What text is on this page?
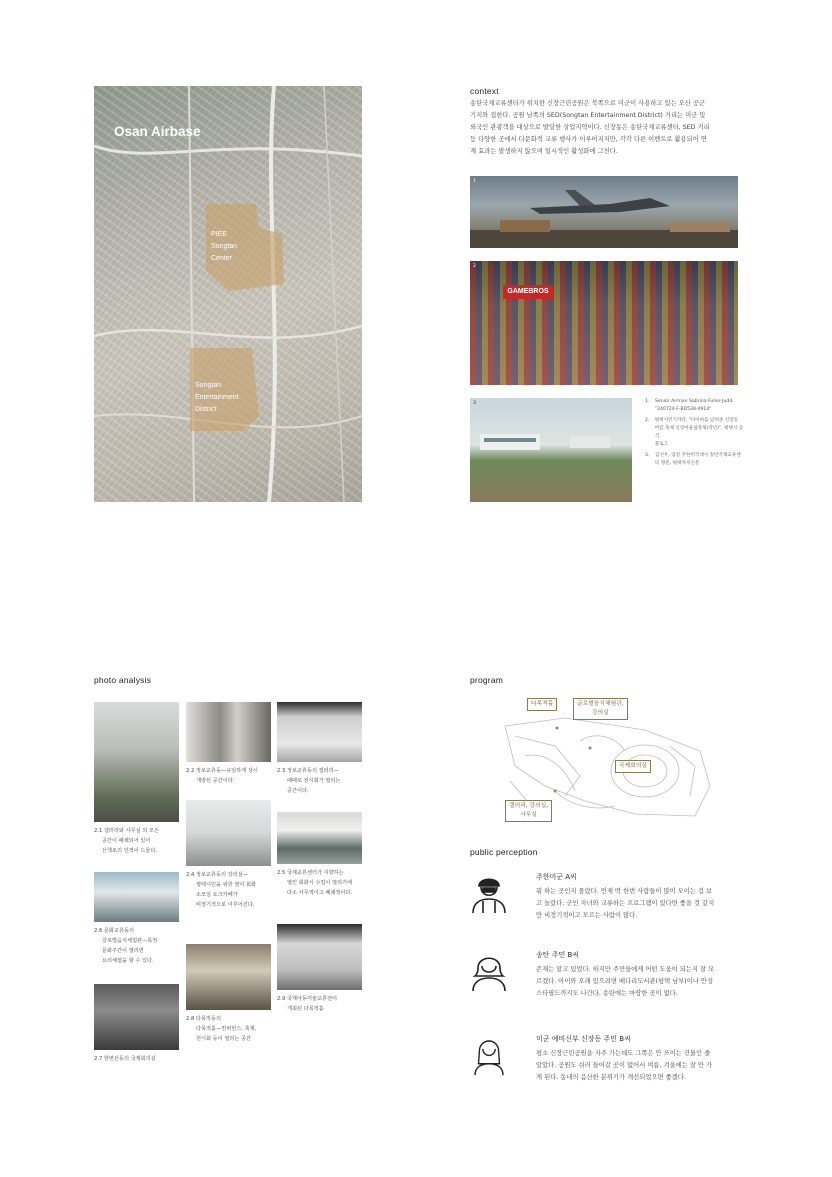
Osan Airbase
PIEE
Songtan
Center
Songtan
Entertainment
District
context
송탄국제교류센터가 위치한 신장근린공원은 북쪽으로 미군이 사용하고 있는 오산 공군
기지와 접한다. 공원 남쪽의 SED(Songtan Entertainment District) 거리는 미군 및
외국인 관광객을 대상으로 발달한 상업지역이다. 신장동은 송탄국제교류센터, SED 거리
등 다양한 곳에서 다문화적 교류 행사가 이루어지지만, 각각 다른 이벤트로 활용되어 연
계 효과는 발생하지 않으며 일시적인 활성화에 그친다.
1
GAMEBROS
2
3	1.	Senior Airman Sabrina Fuller-Judd,
"240724-F-BD538-4914"
2.	평택시민기자단, "다이하를 날려준 신장동
여름 축제 신장어울림축제(작년)", 평택시 공식
블로그
3.	김선우, 임길 주한미국대사 송탄국제교류센
터 방문, 평택자치신문
photo analysis
2.1 갤러리와 사무실 외 모든
공간이 폐쇄되어 있어
산책로의 인적이 드물다.
2.2 정보교류동—유일하게 상시
개방된 공간이다.
2.3 정보교류동의 갤러리—
때때로 전시회가 열리는
공간이다.
2.4 정보교류동의 강의실—
평택시민을 위한 영어 회화
소모임 토크카페가
비정기적으로 이루어진다.
2.5 국제교류센터가 지향하는
열린 회화식 수업이 열리기에
다소 사무적이고 폐쇄적이다.
2.6 문화교류동의
글로벌음식체험관—특정
문화주간이 열리면
요리체험을 할 수 있다.
2.8 다목적동의
다목적홀—컨퍼런스, 축제,
전시회 등이 열리는 공간
2.9 국제아동미술교류전미
개최된 다목적홀
2.7 한변선동의 국제회의실
program
다목적홀	글로벌음식체험관,
강의실
국제회의실
갤러리, 강의실,
사무실
public perception
주한미군 A씨
뭐 하는 곳인지 몰랐다. 언제 딱 한번 사람들이 많이 모이는 걸 보
고 놀랐다. 군인 자녀와 교류하는 프로그램이 있다면 좋을 것 같지
만 비정기적이고 모르는 사람이 많다.
송탄 주민 B씨
존재는 알고 있었다. 하지만 주민들에게 어떤 도움이 되는지 잘 모
르겠다. 아이와 오래 있으려면 배다리도서관(평택 남부)이나 안성
스타필드까지도 나간다. 송탄에는 마땅한 곳이 없다.
미군 예비신부 신장동 주민 B씨
평소 신장근린공원을 자주 가는데도 그쪽은 안 쓰이는 건물인 줄
알았다. 공원도 쉬러 들어갈 곳이 없어서 여름, 겨울에는 잘 안 가
게 된다. 동네의 음산한 분위기가 개선되었으면 좋겠다.
